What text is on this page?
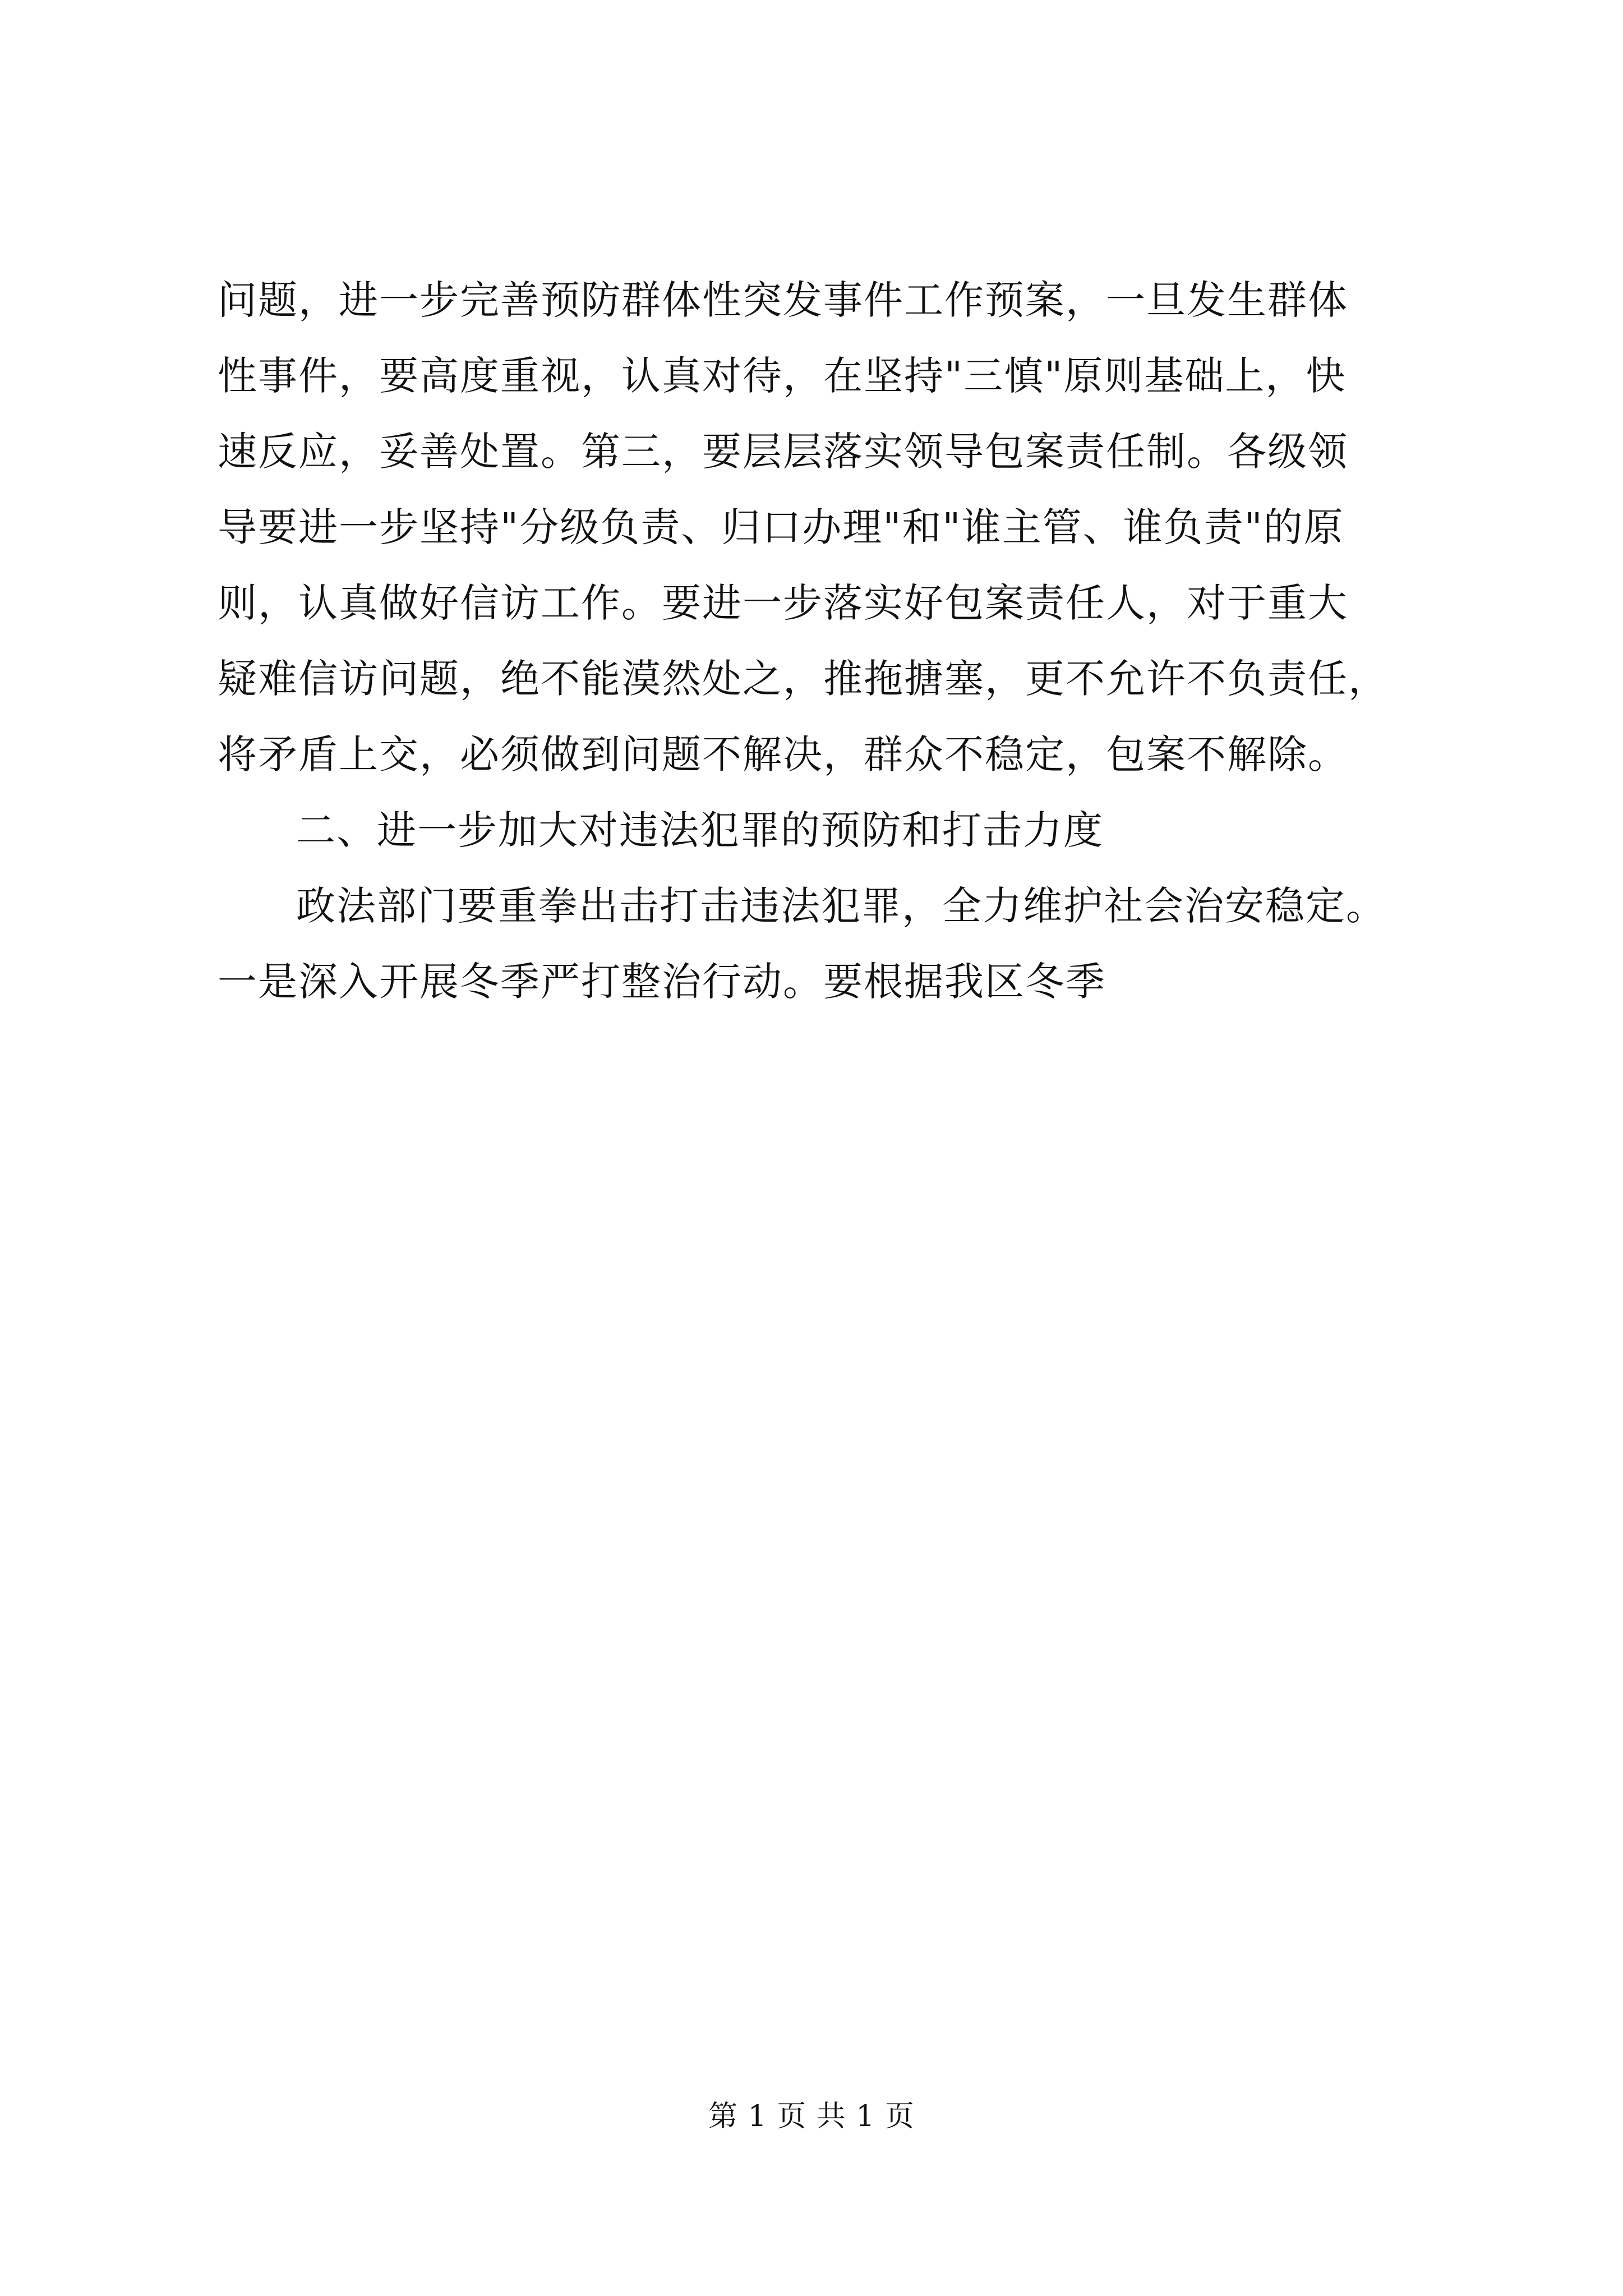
问题，进一步完善预防群体性突发事件工作预案，一旦发生群体
性事件，要高度重视，认真对待，在坚持"三慎"原则基础上，快
速反应，妥善处置。第三，要层层落实领导包案责任制。各级领
导要进一步坚持"分级负责、归口办理"和"谁主管、谁负责"的原
则，认真做好信访工作。要进一步落实好包案责任人，对于重大
疑难信访问题，绝不能漠然处之，推拖搪塞，更不允许不负责任，
将矛盾上交，必须做到问题不解决，群众不稳定，包案不解除。
二、进一步加大对违法犯罪的预防和打击力度
政法部门要重拳出击打击违法犯罪，全力维护社会治安稳定。
一是深入开展冬季严打整治行动。要根据我区冬季
第 1 页 共 1 页
